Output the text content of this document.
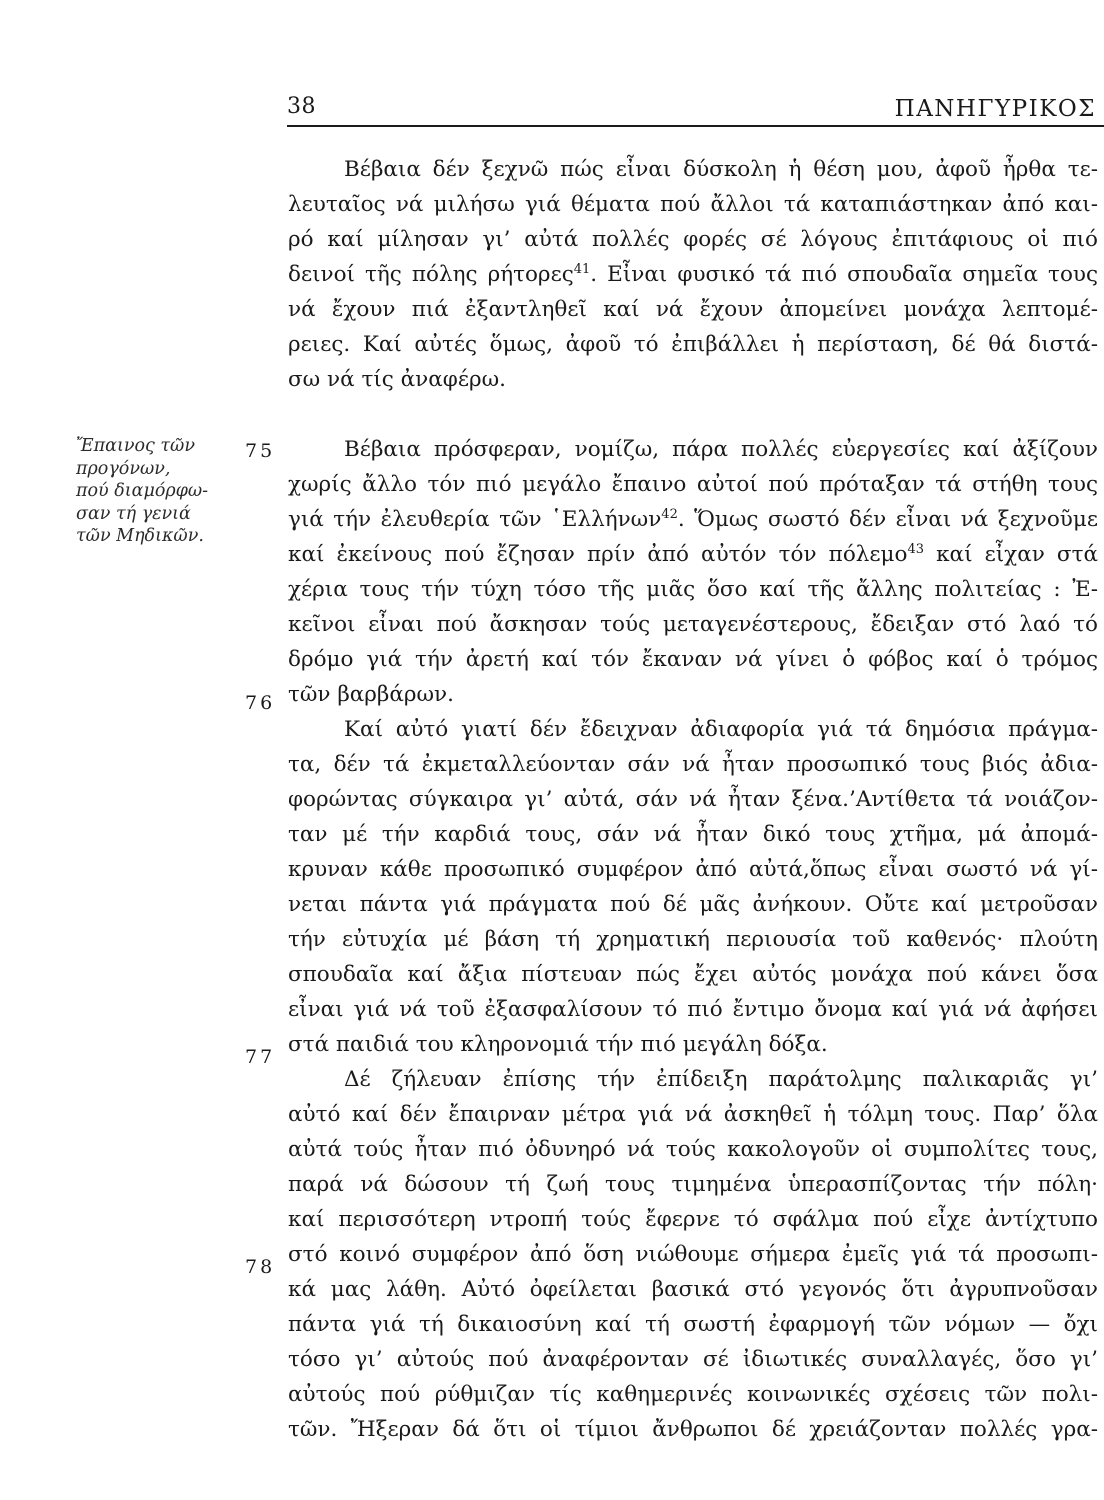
38	ΠΑΝΗΓΥΡΙΚΟΣ
Ἔπαινος τῶν
προγόνων,
πού διαμόρφω-
σαν τή γενιά
τῶν Μηδικῶν.
75
76
77
78
Βέβαια δέν ξεχνῶ πώς εἶναι δύσκολη ἡ θέση μου, ἀφοῦ ἦρθα τε-
λευταῖος νά μιλήσω γιά θέματα πού ἄλλοι τά καταπιάστηκαν ἀπό και-
ρό καί μίλησαν γι’ αὐτά πολλές φορές σέ λόγους ἐπιτάφιους οἱ πιό
δεινοί τῆς πόλης ρήτορες$^{41}$. Εἶναι φυσικό τά πιό σπουδαῖα σημεῖα τους
νά ἔχουν πιά ἐξαντληθεῖ καί νά ἔχουν ἀπομείνει μονάχα λεπτομέ-
ρειες. Καί αὐτές ὅμως, ἀφοῦ τό ἐπιβάλλει ἡ περίσταση, δέ θά διστά-
σω νά τίς ἀναφέρω.
Βέβαια πρόσφεραν, νομίζω, πάρα πολλές εὐεργεσίες καί ἀξίζουν
χωρίς ἄλλο τόν πιό μεγάλο ἔπαινο αὐτοί πού πρόταξαν τά στήθη τους
γιά τήν ἐλευθερία τῶν ῾Ελλήνων$^{42}$. Ὅμως σωστό δέν εἶναι νά ξεχνοῦμε
καί ἐκείνους πού ἔζησαν πρίν ἀπό αὐτόν τόν πόλεμο$^{43}$ καί εἶχαν στά
χέρια τους τήν τύχη τόσο τῆς μιᾶς ὅσο καί τῆς ἄλλης πολιτείας : Ἐ-
κεῖνοι εἶναι πού ἄσκησαν τούς μεταγενέστερους, ἔδειξαν στό λαό τό
δρόμο γιά τήν ἀρετή καί τόν ἔκαναν νά γίνει ὁ φόβος καί ὁ τρόμος
τῶν βαρβάρων.
Καί αὐτό γιατί δέν ἔδειχναν ἀδιαφορία γιά τά δημόσια πράγμα-
τα, δέν τά ἐκμεταλλεύονταν σάν νά ἦταν προσωπικό τους βιός ἀδια-
φορώντας σύγκαιρα γι’ αὐτά, σάν νά ἦταν ξένα.’Αντίθετα τά νοιάζον-
ταν μέ τήν καρδιά τους, σάν νά ἦταν δικό τους χτῆμα, μά ἀπομά-
κρυναν κάθε προσωπικό συμφέρον ἀπό αὐτά,ὅπως εἶναι σωστό νά γί-
νεται πάντα γιά πράγματα πού δέ μᾶς ἀνήκουν. Οὔτε καί μετροῦσαν
τήν εὐτυχία μέ βάση τή χρηματική περιουσία τοῦ καθενός· πλούτη
σπουδαῖα καί ἄξια πίστευαν πώς ἔχει αὐτός μονάχα πού κάνει ὅσα
εἶναι γιά νά τοῦ ἐξασφαλίσουν τό πιό ἔντιμο ὄνομα καί γιά νά ἀφήσει
στά παιδιά του κληρονομιά τήν πιό μεγάλη δόξα.
Δέ ζήλευαν ἐπίσης τήν ἐπίδειξη παράτολμης παλικαριᾶς γι’
αὐτό καί δέν ἔπαιρναν μέτρα γιά νά ἀσκηθεῖ ἡ τόλμη τους. Παρ’ ὅλα
αὐτά τούς ἦταν πιό ὀδυνηρό νά τούς κακολογοῦν οἱ συμπολίτες τους,
παρά νά δώσουν τή ζωή τους τιμημένα ὑπερασπίζοντας τήν πόλη·
καί περισσότερη ντροπή τούς ἔφερνε τό σφάλμα πού εἶχε ἀντίχτυπο
στό κοινό συμφέρον ἀπό ὅση νιώθουμε σήμερα ἐμεῖς γιά τά προσωπι-
κά μας λάθη. Αὐτό ὀφείλεται βασικά στό γεγονός ὅτι ἀγρυπνοῦσαν
πάντα γιά τή δικαιοσύνη καί τή σωστή ἐφαρμογή τῶν νόμων — ὄχι
τόσο γι’ αὐτούς πού ἀναφέρονταν σέ ἰδιωτικές συναλλαγές, ὅσο γι’
αὐτούς πού ρύθμιζαν τίς καθημερινές κοινωνικές σχέσεις τῶν πολι-
τῶν. Ἤξεραν δά ὅτι οἱ τίμιοι ἄνθρωποι δέ χρειάζονταν πολλές γρα-
